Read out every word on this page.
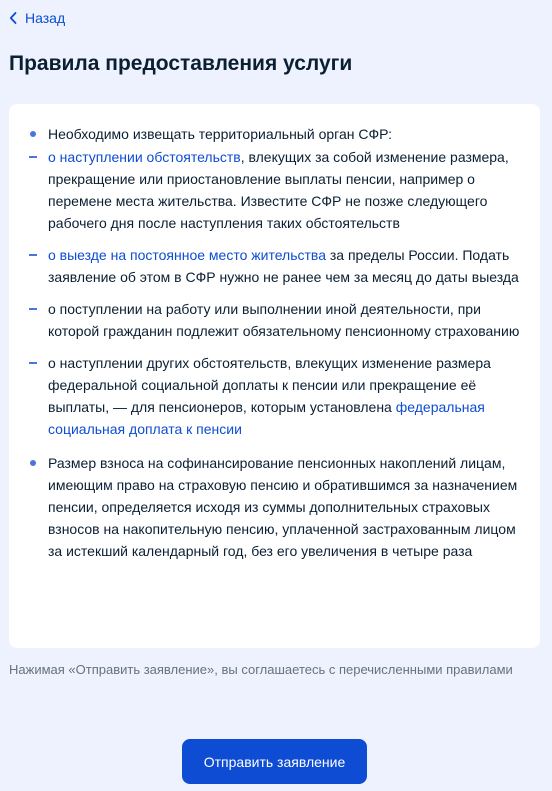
Назад
Правила предоставления услуги
Необходимо извещать территориальный орган СФР:
о наступлении обстоятельств, влекущих за собой изменение размера, прекращение или приостановление выплаты пенсии, например о перемене места жительства. Известите СФР не позже следующего рабочего дня после наступления таких обстоятельств
о выезде на постоянное место жительства за пределы России. Подать заявление об этом в СФР нужно не ранее чем за месяц до даты выезда
о поступлении на работу или выполнении иной деятельности, при которой гражданин подлежит обязательному пенсионному страхованию
о наступлении других обстоятельств, влекущих изменение размера федеральной социальной доплаты к пенсии или прекращение её выплаты, — для пенсионеров, которым установлена федеральная социальная доплата к пенсии
Размер взноса на софинансирование пенсионных накоплений лицам, имеющим право на страховую пенсию и обратившимся за назначением пенсии, определяется исходя из суммы дополнительных страховых взносов на накопительную пенсию, уплаченной застрахованным лицом за истекший календарный год, без его увеличения в четыре раза
Нажимая «Отправить заявление», вы соглашаетесь с перечисленными правилами
Отправить заявление
